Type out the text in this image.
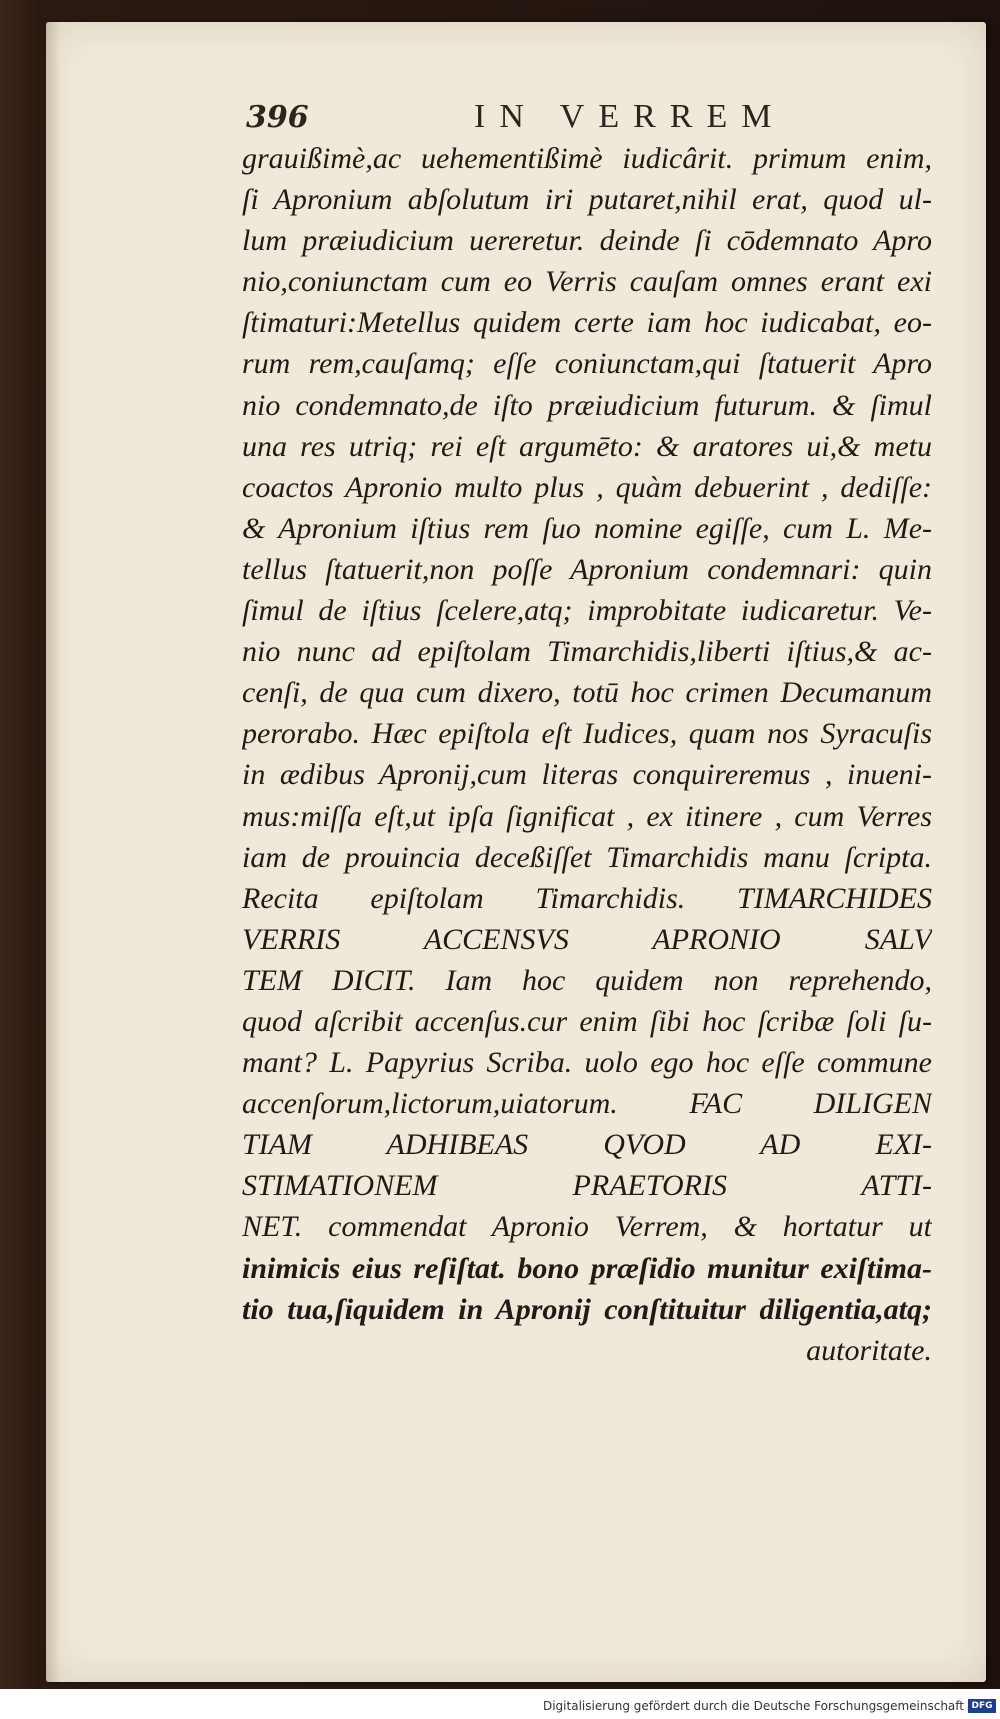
396	IN VERREM
grauißimè,ac uehementißimè iudicârit. primum enim,
ſi Apronium abſolutum iri putaret,nihil erat, quod ul-
lum præiudicium uereretur. deinde ſi cōdemnato Apro
nio,coniunctam cum eo Verris cauſam omnes erant exi
ſtimaturi:Metellus quidem certe iam hoc iudicabat, eo-
rum rem,cauſamq; eſſe coniunctam,qui ſtatuerit Apro
nio condemnato,de iſto præiudicium futurum. & ſimul
una res utriq; rei eſt argumēto: & aratores ui,& metu
coactos Apronio multo plus , quàm debuerint , dediſſe:
& Apronium iſtius rem ſuo nomine egiſſe, cum L. Me-
tellus ſtatuerit,non poſſe Apronium condemnari: quin
ſimul de iſtius ſcelere,atq; improbitate iudicaretur. Ve-
nio nunc ad epiſtolam Timarchidis,liberti iſtius,& ac-
cenſi, de qua cum dixero, totū hoc crimen Decumanum
perorabo. Hæc epiſtola eſt Iudices, quam nos Syracuſis
in ædibus Apronij,cum literas conquireremus , inueni-
mus:miſſa eſt,ut ipſa ſignificat , ex itinere , cum Verres
iam de prouincia deceßiſſet Timarchidis manu ſcripta.
Recita epiſtolam Timarchidis. TIMARCHIDES
VERRIS ACCENSVS APRONIO SALV
TEM DICIT. Iam hoc quidem non reprehendo,
quod aſcribit accenſus.cur enim ſibi hoc ſcribæ ſoli ſu-
mant? L. Papyrius Scriba. uolo ego hoc eſſe commune
accenſorum,lictorum,uiatorum. FAC DILIGEN
TIAM ADHIBEAS QVOD AD EXI-
STIMATIONEM PRAETORIS ATTI-
NET. commendat Apronio Verrem, & hortatur ut
inimicis eius reſiſtat. bono præſidio munitur exiſtima-
tio tua,ſiquidem in Apronij conſtituitur diligentia,atq;
autoritate.
Digitalisierung gefördert durch die Deutsche Forschungsgemeinschaft DFG
